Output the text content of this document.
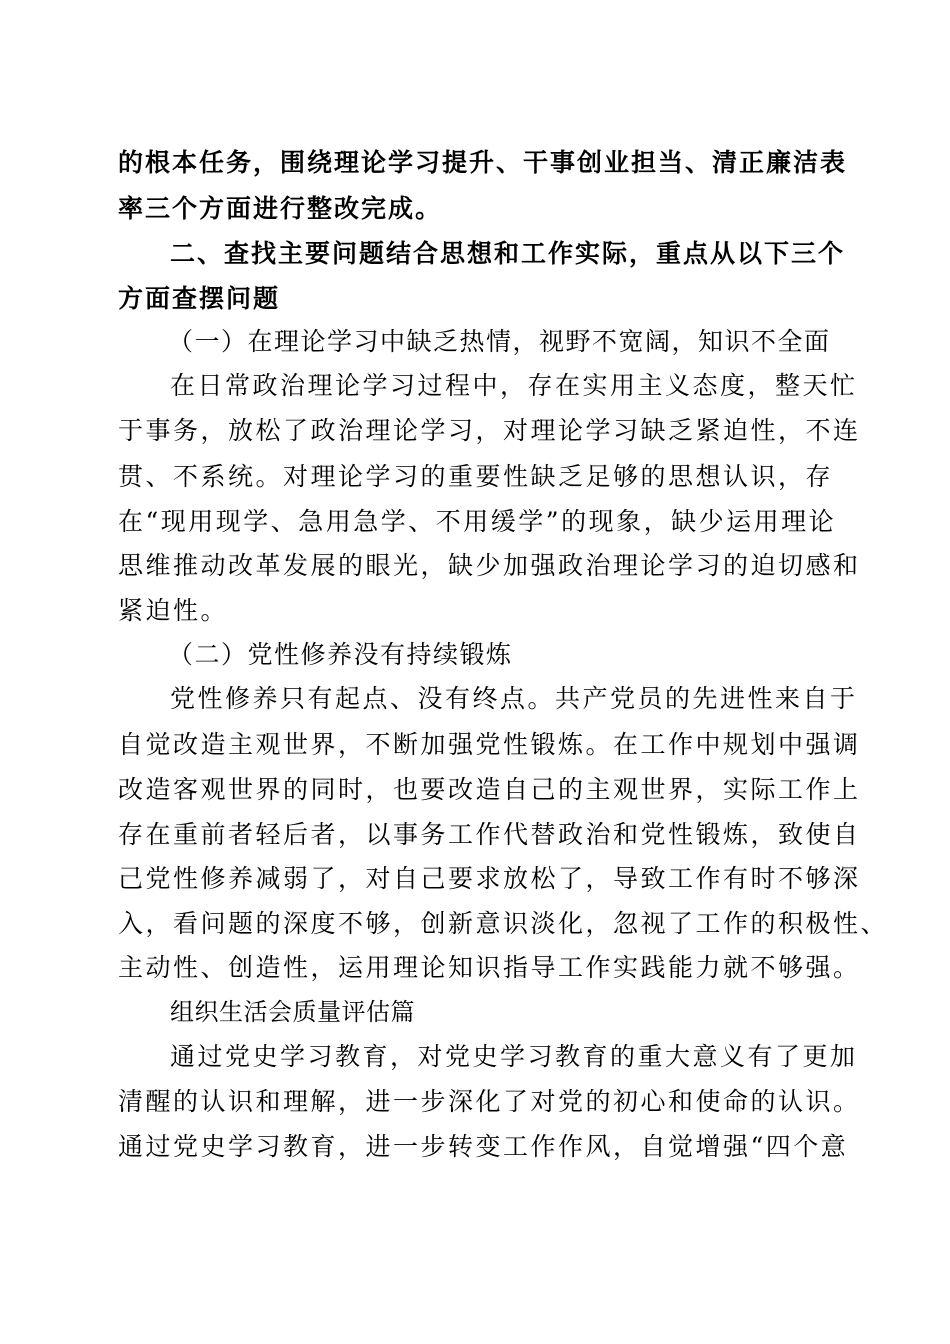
的根本任务，围绕理论学习提升、干事创业担当、清正廉洁表
率三个方面进行整改完成。
二、查找主要问题结合思想和工作实际，重点从以下三个
方面查摆问题
（一）在理论学习中缺乏热情，视野不宽阔，知识不全面
在日常政治理论学习过程中，存在实用主义态度，整天忙
于事务，放松了政治理论学习，对理论学习缺乏紧迫性，不连
贯、不系统。对理论学习的重要性缺乏足够的思想认识，存
在“现用现学、急用急学、不用缓学”的现象，缺少运用理论
思维推动改革发展的眼光，缺少加强政治理论学习的迫切感和
紧迫性。
（二）党性修养没有持续锻炼
党性修养只有起点、没有终点。共产党员的先进性来自于
自觉改造主观世界，不断加强党性锻炼。在工作中规划中强调
改造客观世界的同时，也要改造自己的主观世界，实际工作上
存在重前者轻后者，以事务工作代替政治和党性锻炼，致使自
己党性修养减弱了，对自己要求放松了，导致工作有时不够深
入，看问题的深度不够，创新意识淡化，忽视了工作的积极性、
主动性、创造性，运用理论知识指导工作实践能力就不够强。
组织生活会质量评估篇
通过党史学习教育，对党史学习教育的重大意义有了更加
清醒的认识和理解，进一步深化了对党的初心和使命的认识。
通过党史学习教育，进一步转变工作作风，自觉增强“四个意
